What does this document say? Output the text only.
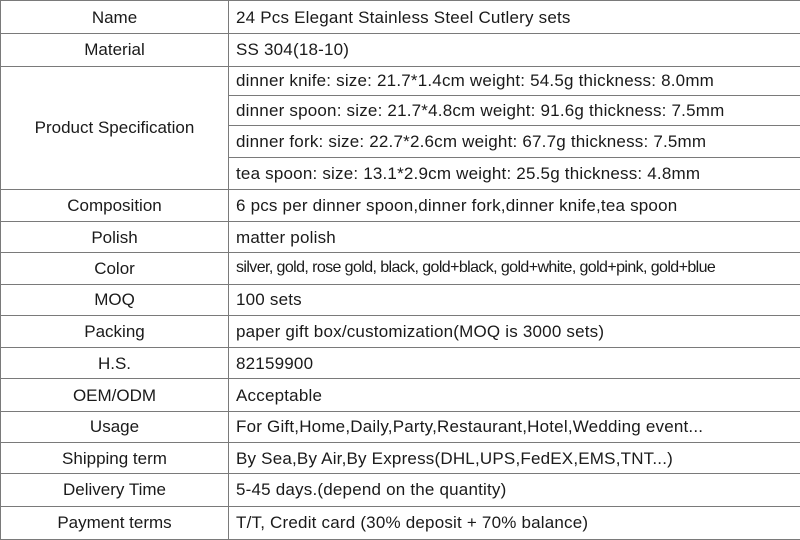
Name	24 Pcs Elegant Stainless Steel Cutlery sets
Material	SS 304(18-10)
Product Specification	dinner knife: size: 21.7*1.4cm weight: 54.5g thickness: 8.0mm
	dinner spoon: size: 21.7*4.8cm weight: 91.6g thickness: 7.5mm
	dinner fork: size: 22.7*2.6cm weight: 67.7g thickness: 7.5mm
	tea spoon: size: 13.1*2.9cm weight: 25.5g thickness: 4.8mm
Composition	6 pcs per dinner spoon,dinner fork,dinner knife,tea spoon
Polish	matter polish
Color	silver, gold, rose gold, black, gold+black, gold+white, gold+pink, gold+blue
MOQ	100 sets
Packing	paper gift box/customization(MOQ is 3000 sets)
H.S.	82159900
OEM/ODM	Acceptable
Usage	For Gift,Home,Daily,Party,Restaurant,Hotel,Wedding event...
Shipping term	By Sea,By Air,By Express(DHL,UPS,FedEX,EMS,TNT...)
Delivery Time	5-45 days.(depend on the quantity)
Payment terms	T/T, Credit card (30% deposit + 70% balance)
